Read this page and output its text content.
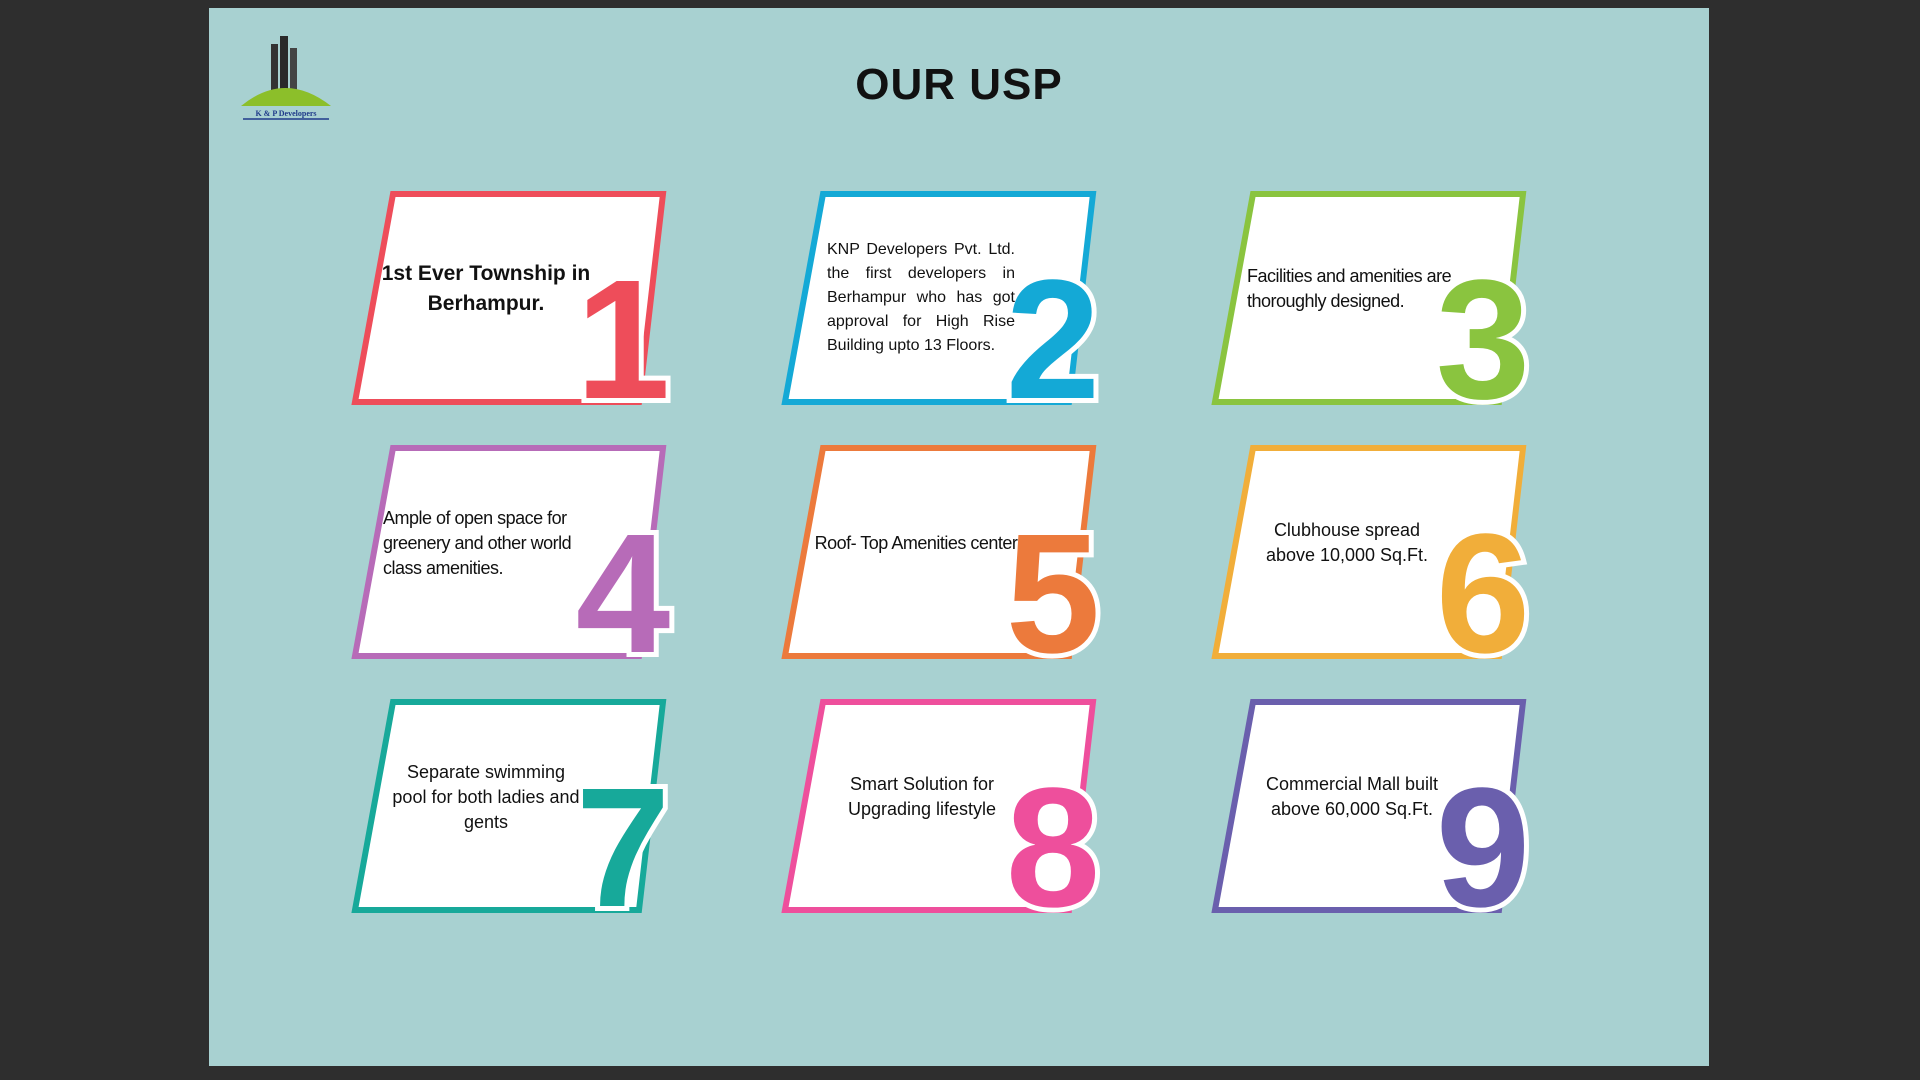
K & P Developers
OUR USP
1
1st Ever Township in Berhampur.	2
KNP Developers Pvt. Ltd. the first developers in Berhampur who has got approval for High Rise Building upto 13 Floors.	3
Facilities and amenities are thoroughly designed.
4
Ample of open space for greenery and other world class amenities.	5
Roof- Top Amenities center 6
Clubhouse spread above 10,000 Sq.Ft.
7
Separate swimming pool for both ladies and gents	8
Smart Solution for Upgrading lifestyle	9
Commercial Mall built above 60,000 Sq.Ft.
